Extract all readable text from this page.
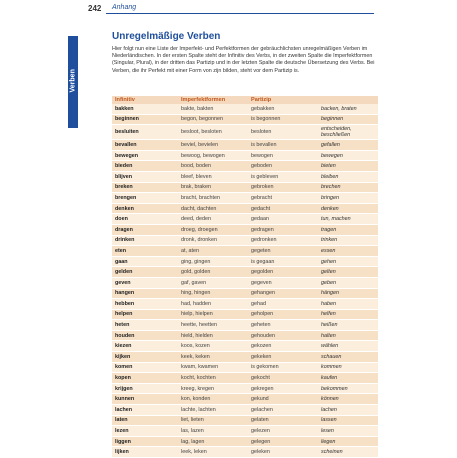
242 Anhang
Verben
Unregelmäßige Verben
Hier folgt nun eine Liste der Imperfekt- und Perfektformen der gebräuchlichsten unregelmäßigen Verben im Niederländischen. In der ersten Spalte steht der Infinitiv des Verbs, in der zweiten Spalte die Imperfektformen (Singular, Plural), in der dritten das Partizip und in der letzten Spalte die deutsche Übersetzung des Verbs. Bei Verben, die ihr Perfekt mit einer Form von zijn bilden, steht vor dem Partizip is.
Infinitiv	Imperfektformen	Partizip	
bakken	bakte, bakten	gebakken	backen, braten
beginnen	begon, begonnen	is begonnen	beginnen
besluiten	besloot, besloten	besloten	entscheiden, beschließen
bevallen	beviel, bevielen	is bevallen	gefallen
bewegen	bewoog, bewogen	bewogen	bewegen
bieden	bood, boden	geboden	bieten
blijven	bleef, bleven	is gebleven	bleiben
breken	brak, braken	gebroken	brechen
brengen	bracht, brachten	gebracht	bringen
denken	dacht, dachten	gedacht	denken
doen	deed, deden	gedaan	tun, machen
dragen	droeg, droegen	gedragen	tragen
drinken	dronk, dronken	gedronken	trinken
eten	at, aten	gegeten	essen
gaan	ging, gingen	is gegaan	gehen
gelden	gold, golden	gegolden	gelten
geven	gaf, gaven	gegeven	geben
hangen	hing, hingen	gehangen	hängen
hebben	had, hadden	gehad	haben
helpen	hielp, hielpen	geholpen	helfen
heten	heette, heetten	geheten	heißen
houden	hield, hielden	gehouden	halten
kiezen	koos, kozen	gekozen	wählen
kijken	keek, keken	gekeken	schauen
komen	kwam, kwamen	is gekomen	kommen
kopen	kocht, kochten	gekocht	kaufen
krijgen	kreeg, kregen	gekregen	bekommen
kunnen	kon, konden	gekund	können
lachen	lachte, lachten	gelachen	lachen
laten	liet, lieten	gelaten	lassen
lezen	las, lazen	gelezen	lesen
liggen	lag, lagen	gelegen	liegen
lijken	leek, leken	geleken	scheinen
